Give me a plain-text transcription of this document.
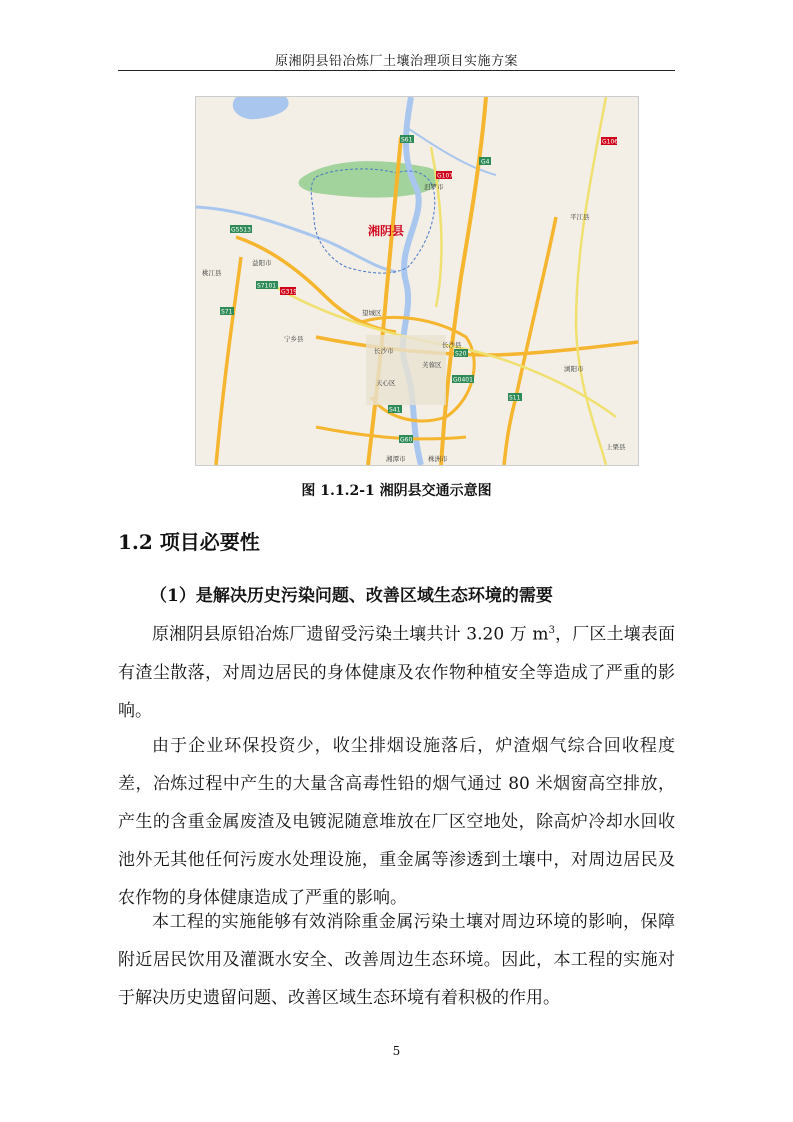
原湘阴县铅冶炼厂土壤治理项目实施方案
湘阴县
汨罗市
平江县
益阳市
桃江县
宁乡县
望城区
长沙市
长沙县
芙蓉区
天心区
浏阳市
上栗县
湘潭市	株洲市
S61
G4
G107
G106
G5513
S7101
G319
S71
S20
G0401
S41
G60
S11
图 1.1.2-1 湘阴县交通示意图
1.2 项目必要性
（1）是解决历史污染问题、改善区域生态环境的需要

原湘阴县原铅冶炼厂遗留受污染土壤共计 3.20 万 $m^3$，厂区土壤表面有渣尘散落，对周边居民的身体健康及农作物种植安全等造成了严重的影响。

由于企业环保投资少，收尘排烟设施落后，炉渣烟气综合回收程度差，冶炼过程中产生的大量含高毒性铅的烟气通过 80 米烟窗高空排放，产生的含重金属废渣及电镀泥随意堆放在厂区空地处，除高炉冷却水回收池外无其他任何污废水处理设施，重金属等渗透到土壤中，对周边居民及农作物的身体健康造成了严重的影响。

本工程的实施能够有效消除重金属污染土壤对周边环境的影响，保障附近居民饮用及灌溉水安全、改善周边生态环境。因此，本工程的实施对于解决历史遗留问题、改善区域生态环境有着积极的作用。

5
